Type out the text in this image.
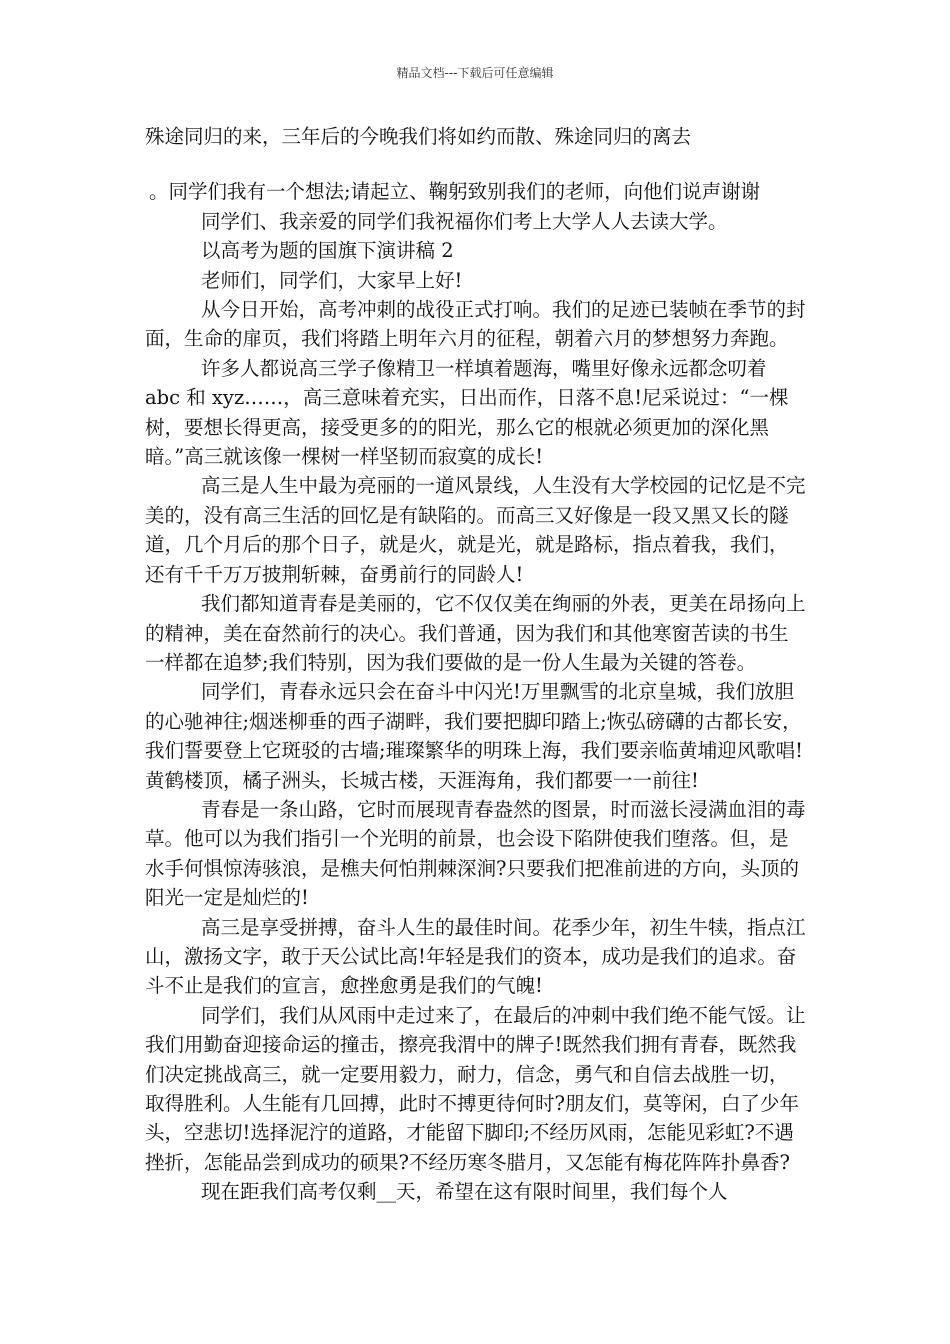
精品文档---下载后可任意编辑

殊途同归的来，三年后的今晚我们将如约而散、殊途同归的离去

。同学们我有一个想法;请起立、鞠躬致别我们的老师，向他们说声谢谢

同学们、我亲爱的同学们我祝福你们考上大学人人去读大学。

以高考为题的国旗下演讲稿 2

老师们，同学们，大家早上好!

从今日开始，高考冲刺的战役正式打响。我们的足迹已装帧在季节的封面，生命的扉页，我们将踏上明年六月的征程，朝着六月的梦想努力奔跑。

许多人都说高三学子像精卫一样填着题海，嘴里好像永远都念叨着 abc 和 xyz……，高三意味着充实，日出而作，日落不息!尼采说过：“一棵树，要想长得更高，接受更多的的阳光，那么它的根就必须更加的深化黑暗。”高三就该像一棵树一样坚韧而寂寞的成长!

高三是人生中最为亮丽的一道风景线，人生没有大学校园的记忆是不完美的，没有高三生活的回忆是有缺陷的。而高三又好像是一段又黑又长的隧道，几个月后的那个日子，就是火，就是光，就是路标，指点着我，我们，还有千千万万披荆斩棘，奋勇前行的同龄人!

我们都知道青春是美丽的，它不仅仅美在绚丽的外表，更美在昂扬向上的精神，美在奋然前行的决心。我们普通，因为我们和其他寒窗苦读的书生一样都在追梦;我们特别，因为我们要做的是一份人生最为关键的答卷。

同学们，青春永远只会在奋斗中闪光!万里飘雪的北京皇城，我们放胆的心驰神往;烟迷柳垂的西子湖畔，我们要把脚印踏上;恢弘磅礴的古都长安，我们誓要登上它斑驳的古墙;璀璨繁华的明珠上海，我们要亲临黄埔迎风歌唱!黄鹤楼顶，橘子洲头，长城古楼，天涯海角，我们都要一一前往!

青春是一条山路，它时而展现青春盎然的图景，时而滋长浸满血泪的毒草。他可以为我们指引一个光明的前景，也会设下陷阱使我们堕落。但，是水手何惧惊涛骇浪，是樵夫何怕荆棘深涧?只要我们把准前进的方向，头顶的阳光一定是灿烂的!

高三是享受拼搏，奋斗人生的最佳时间。花季少年，初生牛犊，指点江山，激扬文字，敢于天公试比高!年轻是我们的资本，成功是我们的追求。奋斗不止是我们的宣言，愈挫愈勇是我们的气魄!

同学们，我们从风雨中走过来了，在最后的冲刺中我们绝不能气馁。让我们用勤奋迎接命运的撞击，擦亮我渭中的牌子!既然我们拥有青春，既然我们决定挑战高三，就一定要用毅力，耐力，信念，勇气和自信去战胜一切，取得胜利。人生能有几回搏，此时不搏更待何时?朋友们，莫等闲，白了少年头，空悲切!选择泥泞的道路，才能留下脚印;不经历风雨，怎能见彩虹?不遇挫折，怎能品尝到成功的硕果?不经历寒冬腊月，又怎能有梅花阵阵扑鼻香?

现在距我们高考仅剩__天，希望在这有限时间里，我们每个人
